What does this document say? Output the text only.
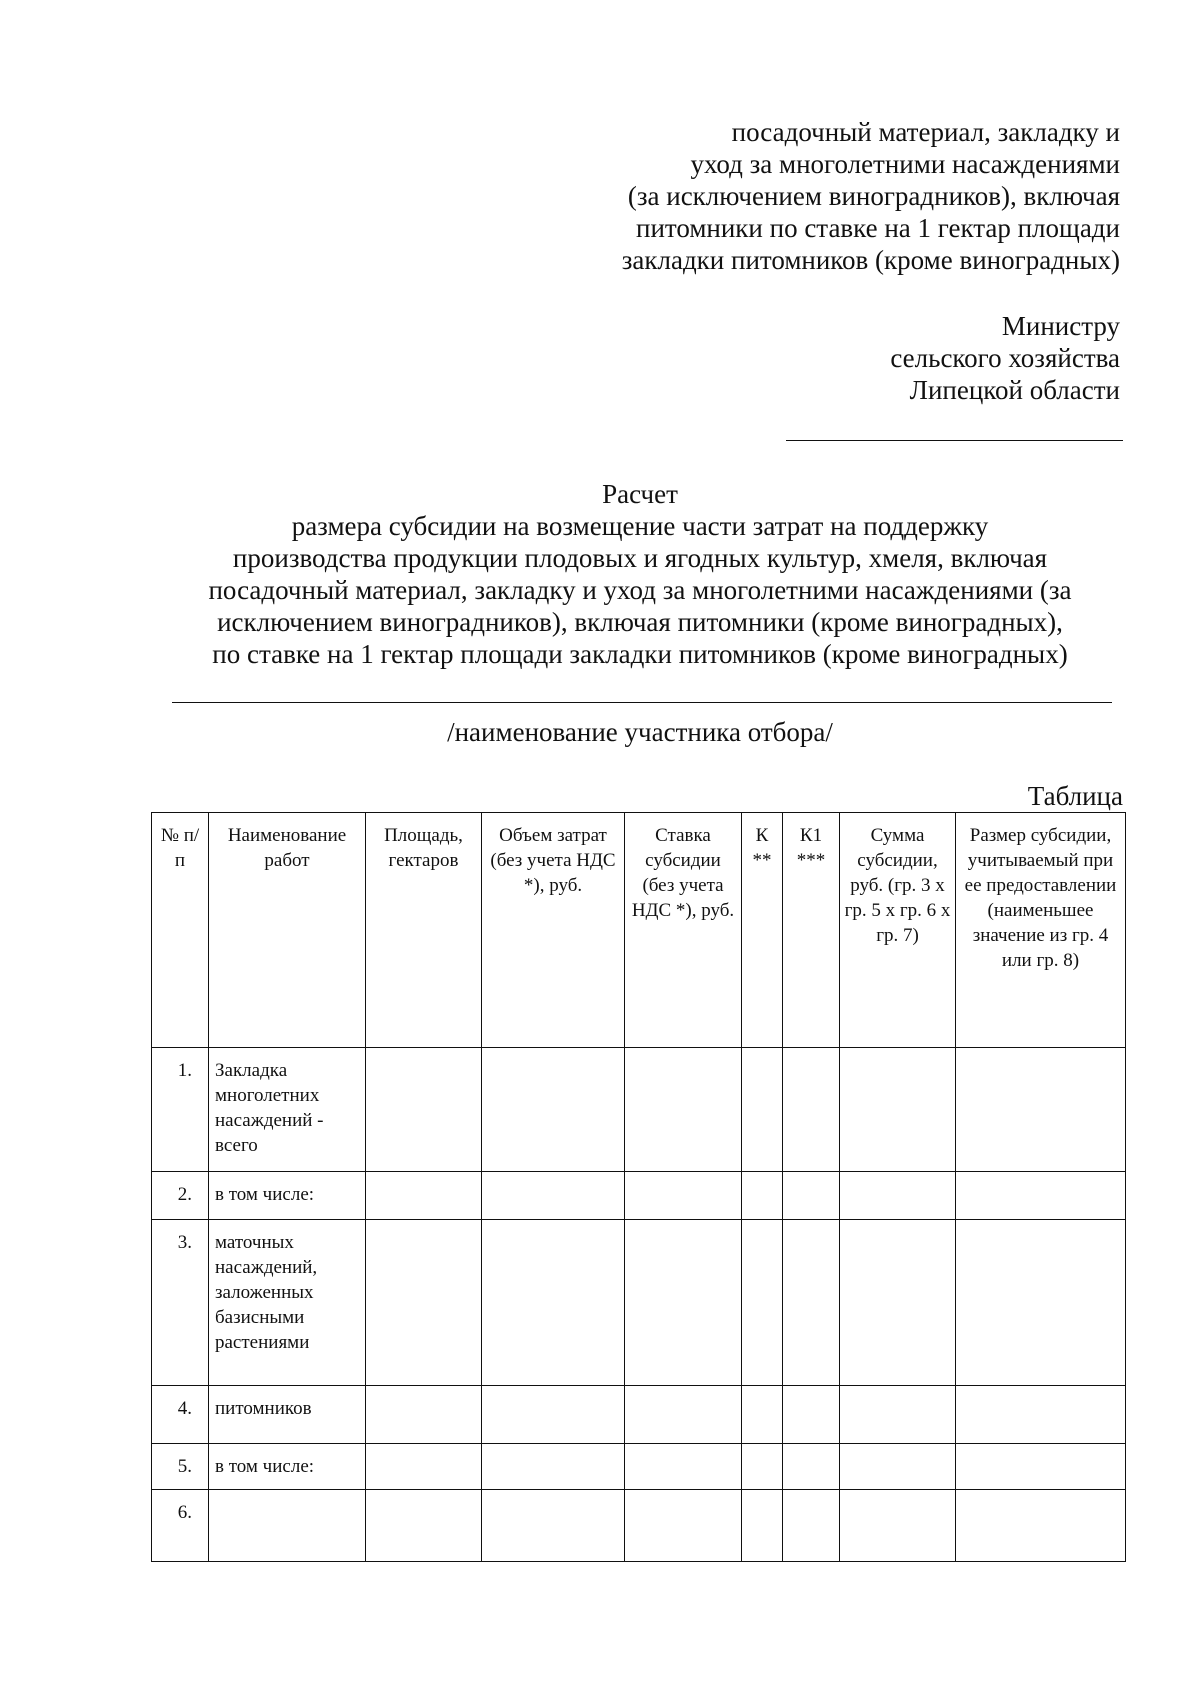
посадочный материал, закладку и
уход за многолетними насаждениями
(за исключением виноградников), включая
питомники по ставке на 1 гектар площади
закладки питомников (кроме виноградных)
Министру
сельского хозяйства
Липецкой области
Расчет
размера субсидии на возмещение части затрат на поддержку
производства продукции плодовых и ягодных культур, хмеля, включая
посадочный материал, закладку и уход за многолетними насаждениями (за
исключением виноградников), включая питомники (кроме виноградных),
по ставке на 1 гектар площади закладки питомников (кроме виноградных)
/наименование участника отбора/
Таблица
№ п/п	Наименование работ	Площадь, гектаров	Объем затрат (без учета НДС *), руб.	Ставка субсидии (без учета НДС *), руб.	К **	К1 ***	Сумма субсидии, руб. (гр. 3 х гр. 5 х гр. 6 х гр. 7)	Размер субсидии, учитываемый при ее предоставлении (наименьшее значение из гр. 4 или гр. 8)
1.	Закладка многолетних насаждений - всего							
2.	в том числе:							
3.	маточных насаждений, заложенных базисными растениями							
4.	питомников							
5.	в том числе:							
6.								
